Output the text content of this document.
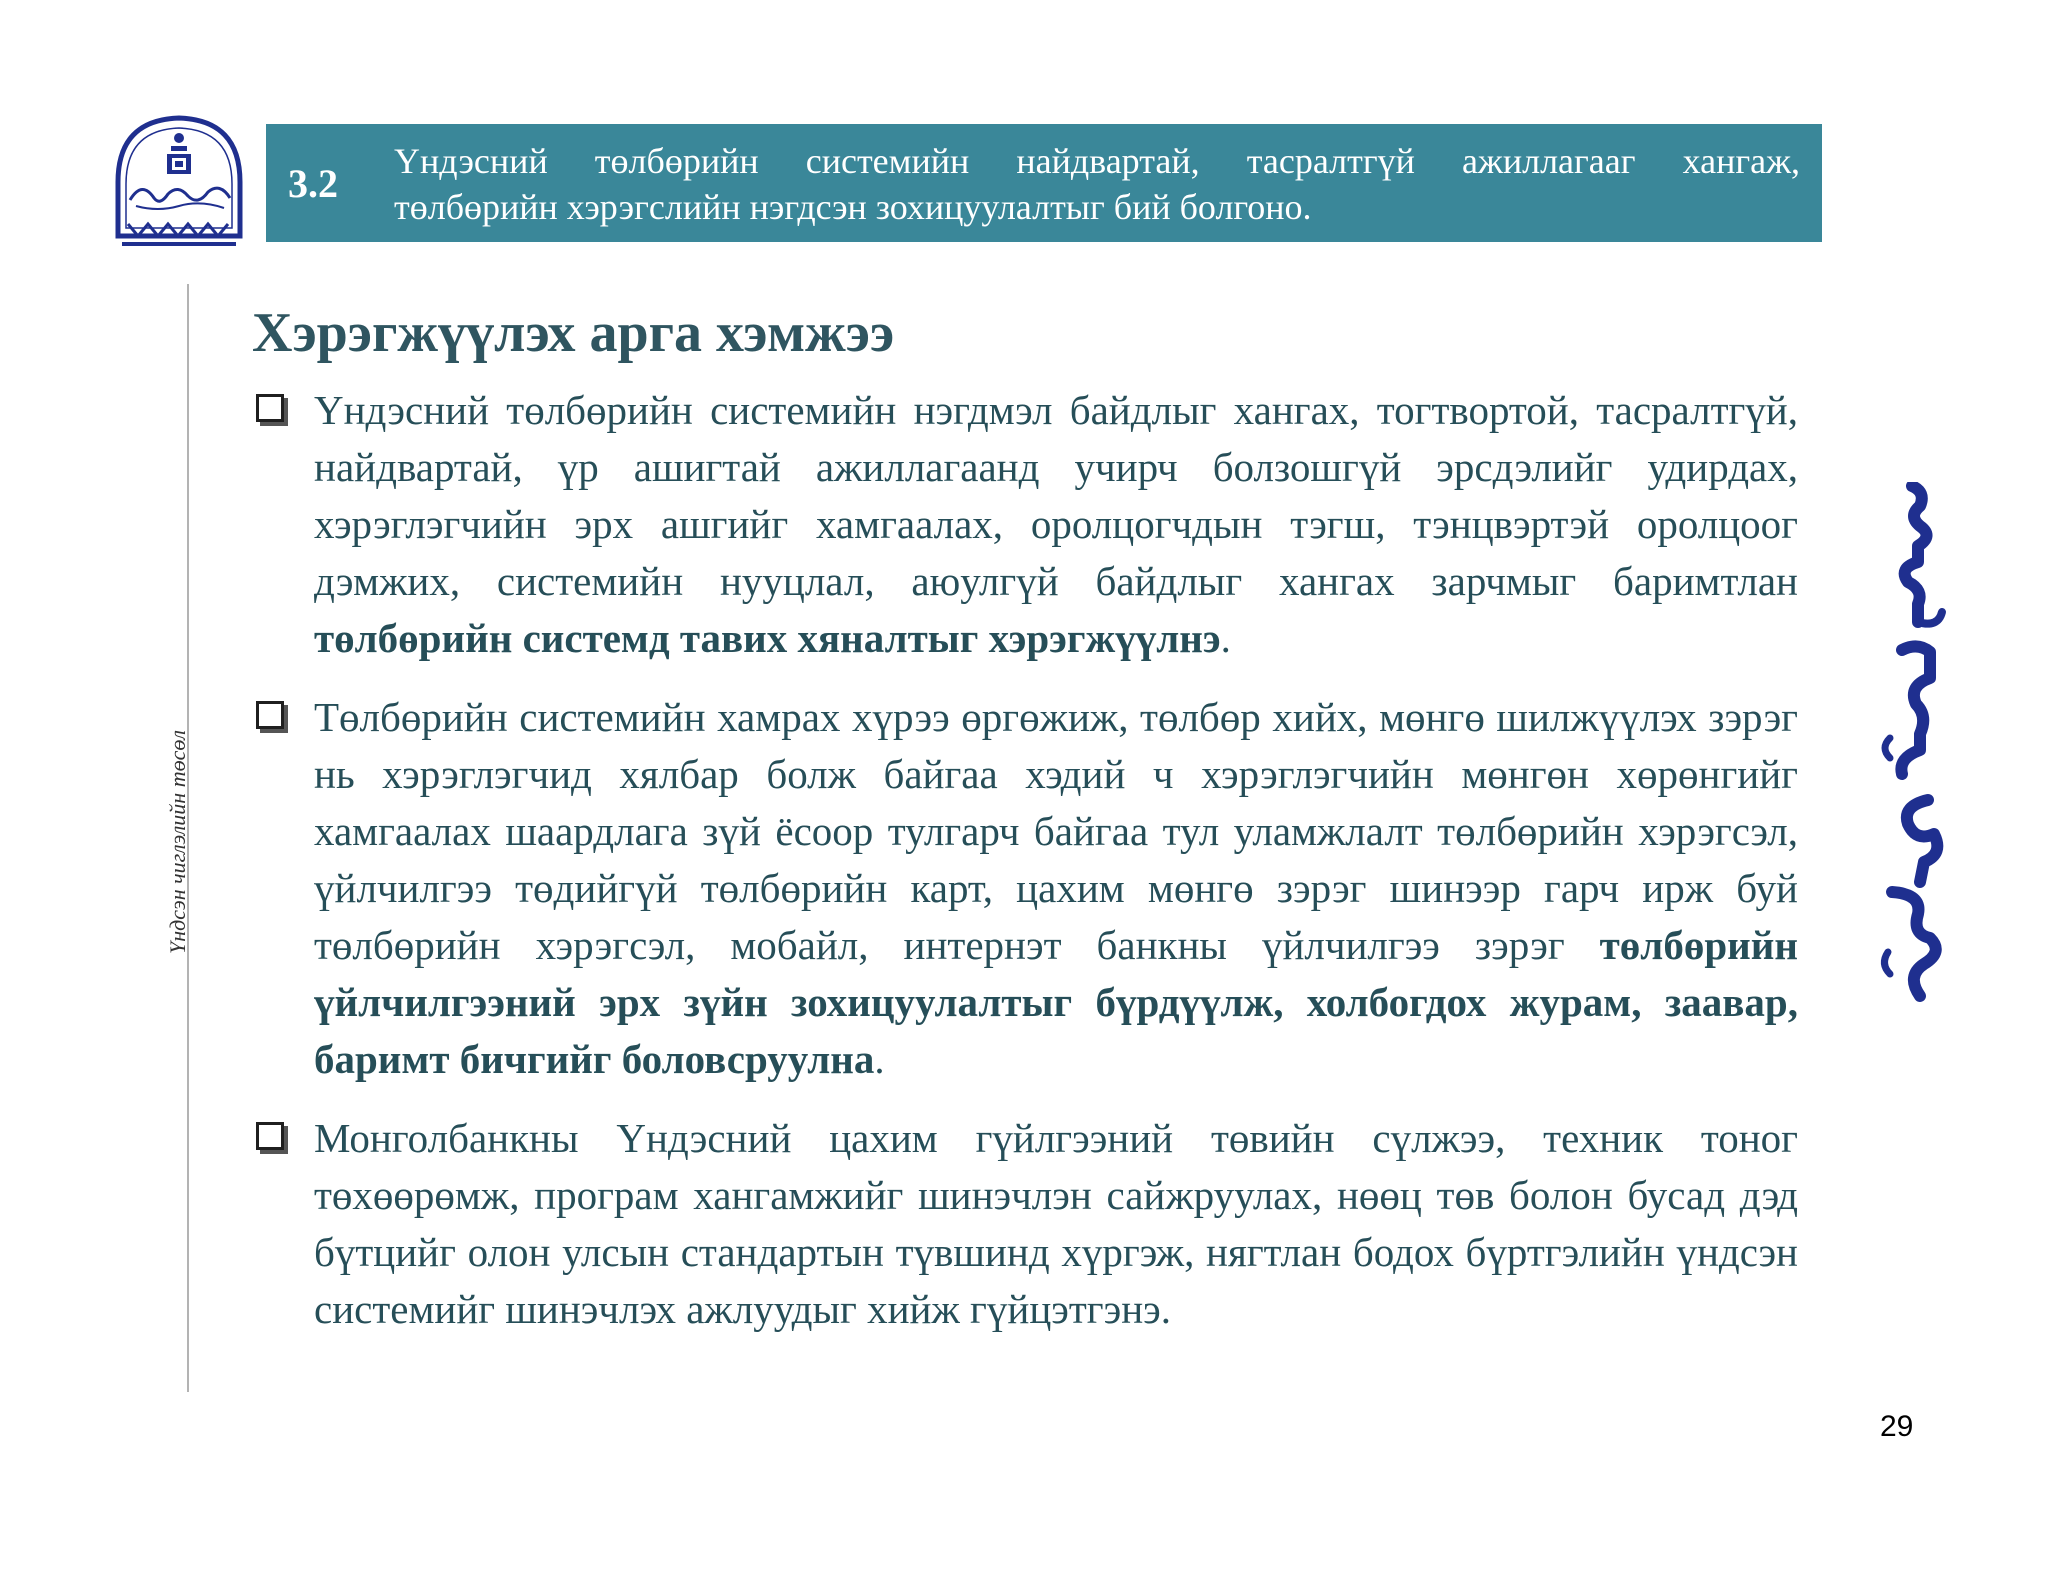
3.2 Үндэсний төлбөрийн системийн найдвартай, тасралтгүй ажиллагааг хангаж,
төлбөрийн хэрэгслийн нэгдсэн зохицуулалтыг бий болгоно.
Үндсэн чиглэлийн төсөл
Хэрэгжүүлэх арга хэмжээ

Үндэсний төлбөрийн системийн нэгдмэл байдлыг хангах, тогтвортой, тасралтгүй, найдвартай, үр ашигтай ажиллагаанд учирч болзошгүй эрсдэлийг удирдах, хэрэглэгчийн эрх ашгийг хамгаалах, оролцогчдын тэгш, тэнцвэртэй оролцоог дэмжих, системийн нууцлал, аюулгүй байдлыг хангах зарчмыг баримтлан төлбөрийн системд тавих хяналтыг хэрэгжүүлнэ.

Төлбөрийн системийн хамрах хүрээ өргөжиж, төлбөр хийх, мөнгө шилжүүлэх зэрэг нь хэрэглэгчид хялбар болж байгаа хэдий ч хэрэглэгчийн мөнгөн хөрөнгийг хамгаалах шаардлага зүй ёсоор тулгарч байгаа тул уламжлалт төлбөрийн хэрэгсэл, үйлчилгээ төдийгүй төлбөрийн карт, цахим мөнгө зэрэг шинээр гарч ирж буй төлбөрийн хэрэгсэл, мобайл, интернэт банкны үйлчилгээ зэрэг төлбөрийн үйлчилгээний эрх зүйн зохицуулалтыг бүрдүүлж, холбогдох журам, заавар, баримт бичгийг боловсруулна.

Монголбанкны Үндэсний цахим гүйлгээний төвийн сүлжээ, техник тоног төхөөрөмж, програм хангамжийг шинэчлэн сайжруулах, нөөц төв болон бусад дэд бүтцийг олон улсын стандартын түвшинд хүргэж, нягтлан бодох бүртгэлийн үндсэн системийг шинэчлэх ажлуудыг хийж гүйцэтгэнэ.

29
